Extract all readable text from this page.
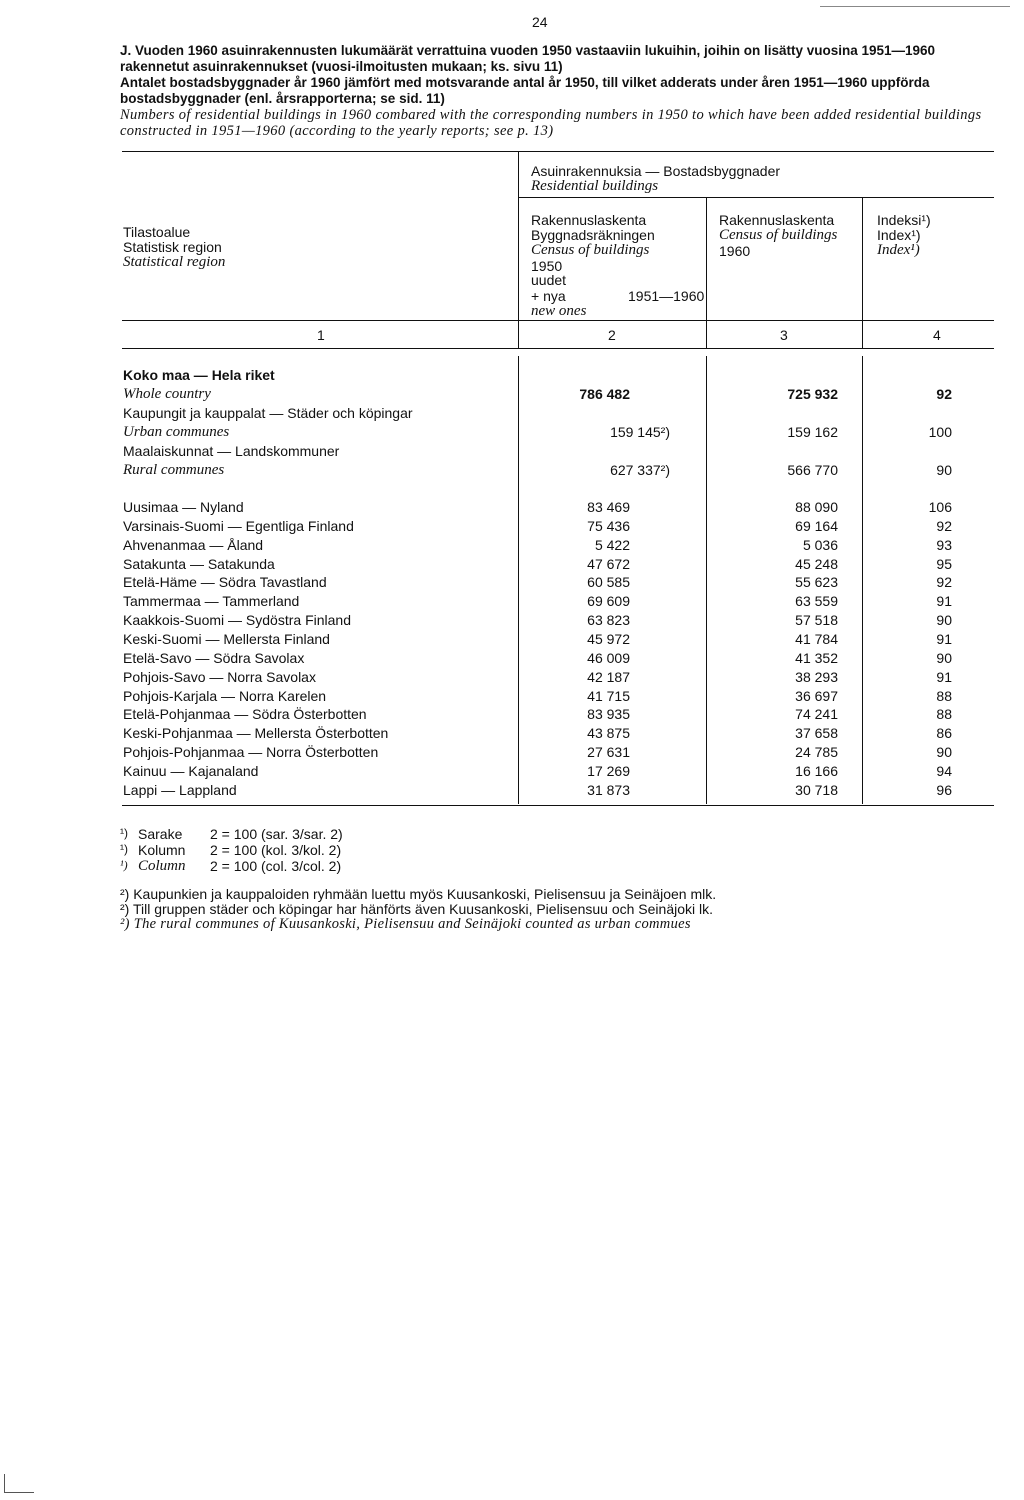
24
J. Vuoden 1960 asuinrakennusten lukumäärät verrattuina vuoden 1950 vastaaviin lukuihin, joihin on lisätty vuosina 1951—1960 rakennetut asuinrakennukset (vuosi-ilmoitusten mukaan; ks. sivu 11)
Antalet bostadsbyggnader år 1960 jämfört med motsvarande antal år 1950, till vilket adderats under åren 1951—1960 uppförda bostadsbyggnader (enl. årsrapporterna; se sid. 11)
Numbers of residential buildings in 1960 combared with the corresponding numbers in 1950 to which have been added residential buildings constructed in 1951—1960 (according to the yearly reports; see p. 13)
Asuinrakennuksia — Bostadsbyggnader
Residential buildings
Tilastoalue
Statistisk region
Statistical region
Rakennuslaskenta
Byggnadsräkningen
Census of buildings
1950
uudet
+ nya	1951—1960
new ones
Rakennuslaskenta
Census of buildings
1960
Indeksi¹)
Index¹)
Index¹)
1	2	3	4
Koko maa — Hela riket
Whole country	786 482	725 932	92
Kaupungit ja kauppalat — Städer och köpingar
Urban communes	159 145²)	159 162	100
Maalaiskunnat — Landskommuner
Rural communes	627 337²)	566 770	90
Uusimaa — Nyland	83 469	88 090	106
Varsinais-Suomi — Egentliga Finland	75 436	69 164	92
Ahvenanmaa — Åland	5 422	5 036	93
Satakunta — Satakunda	47 672	45 248	95
Etelä-Häme — Södra Tavastland	60 585	55 623	92
Tammermaa — Tammerland	69 609	63 559	91
Kaakkois-Suomi — Sydöstra Finland	63 823	57 518	90
Keski-Suomi — Mellersta Finland	45 972	41 784	91
Etelä-Savo — Södra Savolax	46 009	41 352	90
Pohjois-Savo — Norra Savolax	42 187	38 293	91
Pohjois-Karjala — Norra Karelen	41 715	36 697	88
Etelä-Pohjanmaa — Södra Österbotten	83 935	74 241	88
Keski-Pohjanmaa — Mellersta Österbotten	43 875	37 658	86
Pohjois-Pohjanmaa — Norra Österbotten	27 631	24 785	90
Kainuu — Kajanaland	17 269	16 166	94
Lappi — Lappland	31 873	30 718	96
¹) Sarake 2 = 100 (sar. 3/sar. 2)
¹) Kolumn 2 = 100 (kol. 3/kol. 2)
¹) Column 2 = 100 (col. 3/col. 2)
²) Kaupunkien ja kauppaloiden ryhmään luettu myös Kuusankoski, Pielisensuu ja Seinäjoen mlk.
²) Till gruppen städer och köpingar har hänförts även Kuusankoski, Pielisensuu och Seinäjoki lk.
²) The rural communes of Kuusankoski, Pielisensuu and Seinäjoki counted as urban commues
